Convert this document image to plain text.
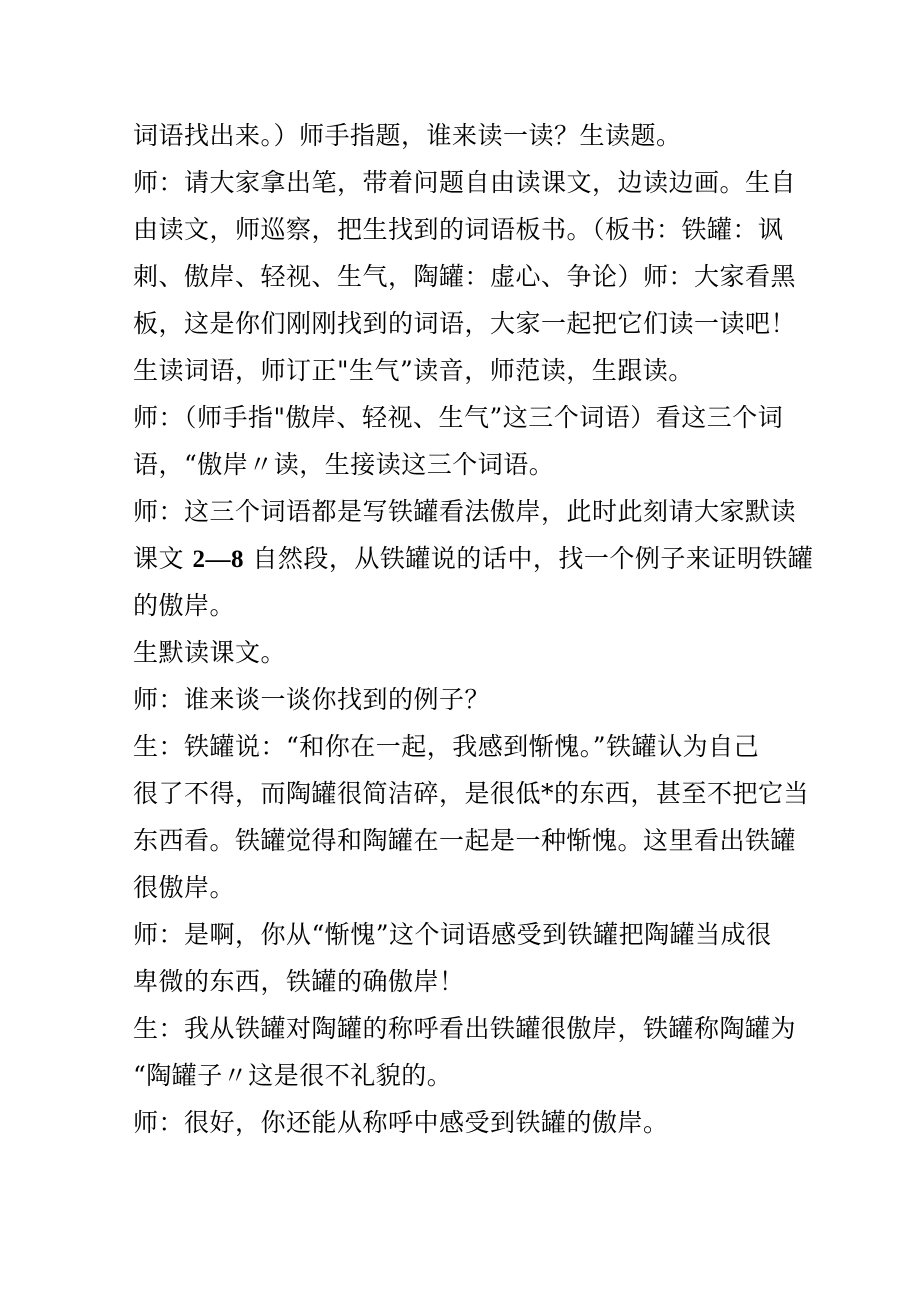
词语找出来。）师手指题，谁来读一读？生读题。
师：请大家拿出笔，带着问题自由读课文，边读边画。生自
由读文，师巡察，把生找到的词语板书。（板书：铁罐：讽
刺、傲岸、轻视、生气，陶罐：虚心、争论）师：大家看黑
板，这是你们刚刚找到的词语，大家一起把它们读一读吧！
生读词语，师订正"生气”读音，师范读，生跟读。
师：（师手指"傲岸、轻视、生气”这三个词语）看这三个词
语，“傲岸〃读，生接读这三个词语。
师：这三个词语都是写铁罐看法傲岸，此时此刻请大家默读
课文 2—8 自然段，从铁罐说的话中，找一个例子来证明铁罐
的傲岸。
生默读课文。
师：谁来谈一谈你找到的例子？
生：铁罐说：“和你在一起，我感到惭愧。”铁罐认为自己
很了不得，而陶罐很简洁碎，是很低*的东西，甚至不把它当
东西看。铁罐觉得和陶罐在一起是一种惭愧。这里看出铁罐
很傲岸。
师：是啊，你从“惭愧”这个词语感受到铁罐把陶罐当成很
卑微的东西，铁罐的确傲岸！
生：我从铁罐对陶罐的称呼看出铁罐很傲岸，铁罐称陶罐为
“陶罐子〃这是很不礼貌的。
师：很好，你还能从称呼中感受到铁罐的傲岸。
